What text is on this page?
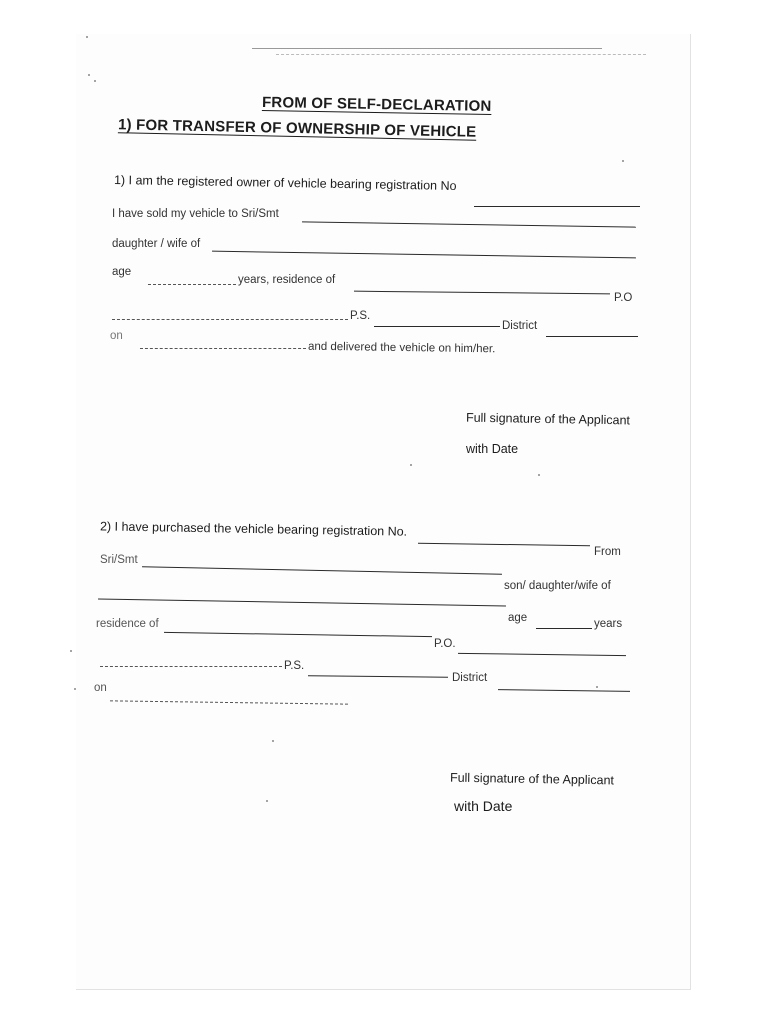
FROM OF SELF-DECLARATION
1) FOR TRANSFER OF OWNERSHIP OF VEHICLE
1) I am the registered owner of vehicle bearing registration No
I have sold my vehicle to Sri/Smt
daughter / wife of
age
years, residence of
P.O
P.S.
District
on
and delivered the vehicle on him/her.
Full signature of the Applicant
with Date
2) I have purchased the vehicle bearing registration No.
From
Sri/Smt
son/ daughter/wife of
age	years
residence of
P.O.
P.S.
District
on
Full signature of the Applicant
with Date
